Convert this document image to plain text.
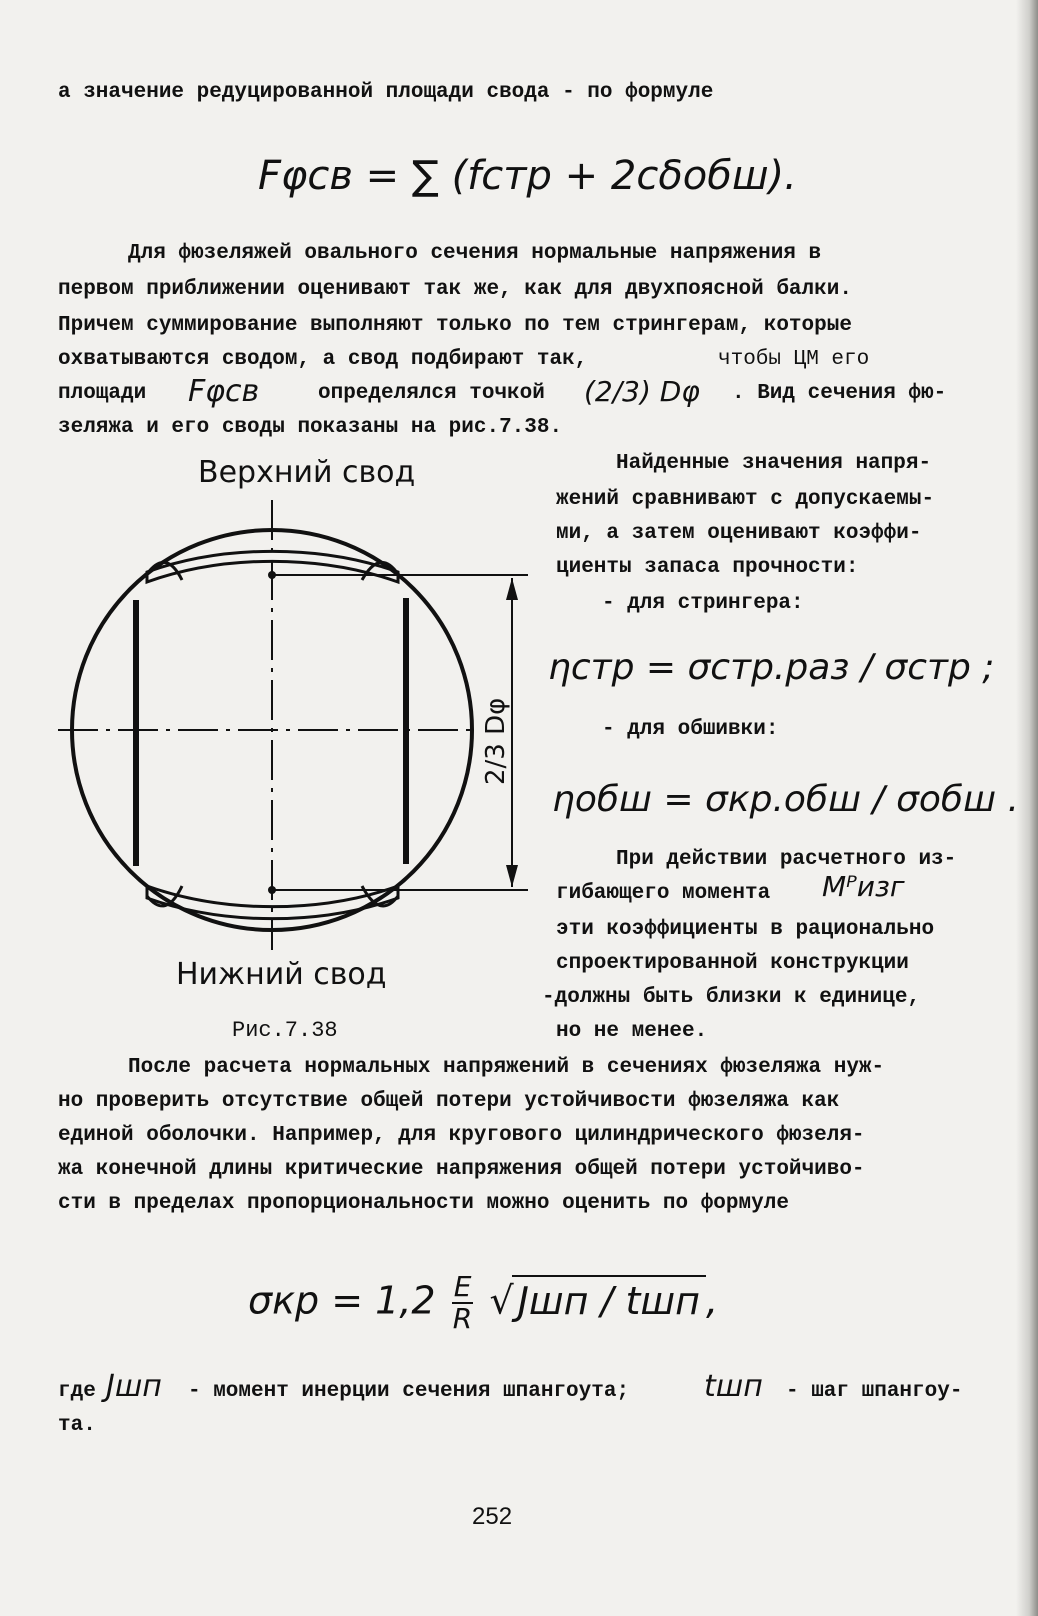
а значение редуцированной площади свода - по формуле
Fφсв = ∑ (fстр + 2cδобш).
Для фюзеляжей овального сечения нормальные напряжения в
первом приближении оценивают так же, как для двухпоясной балки.
Причем суммирование выполняют только по тем стрингерам, которые
охватываются сводом, а свод подбирают так,	чтобы ЦМ его
площади Fφсв	определялся точкой (2/3) Dφ . Вид сечения фю-
зеляжа и его своды показаны на рис.7.38.
Верхний свод
2/3 Dφ
Нижний свод
Рис.7.38
Найденные значения напря-
жений сравнивают с допускаемы-
ми, а затем оценивают коэффи-
циенты запаса прочности:
- для стрингера:
ηстр = σстр.раз / σстр ;
- для обшивки:
ηобш = σкр.обш / σобш .
При действии расчетного из-
гибающего момента Mᴾизг
эти коэффициенты в рационально
спроектированной конструкции
-должны быть близки к единице,
но не менее.
После расчета нормальных напряжений в сечениях фюзеляжа нуж-
но проверить отсутствие общей потери устойчивости фюзеляжа как
единой оболочки. Например, для кругового цилиндрического фюзеля-
жа конечной длины критические напряжения общей потери устойчиво-
сти в пределах пропорциональности можно оценить по формуле
$\sigma кр = 1,2 \frac{E}{R}$ √ Jшп / tшп ,
где Jшп - момент инерции сечения шпангоута; tшп - шаг шпангоу-
та.
252
